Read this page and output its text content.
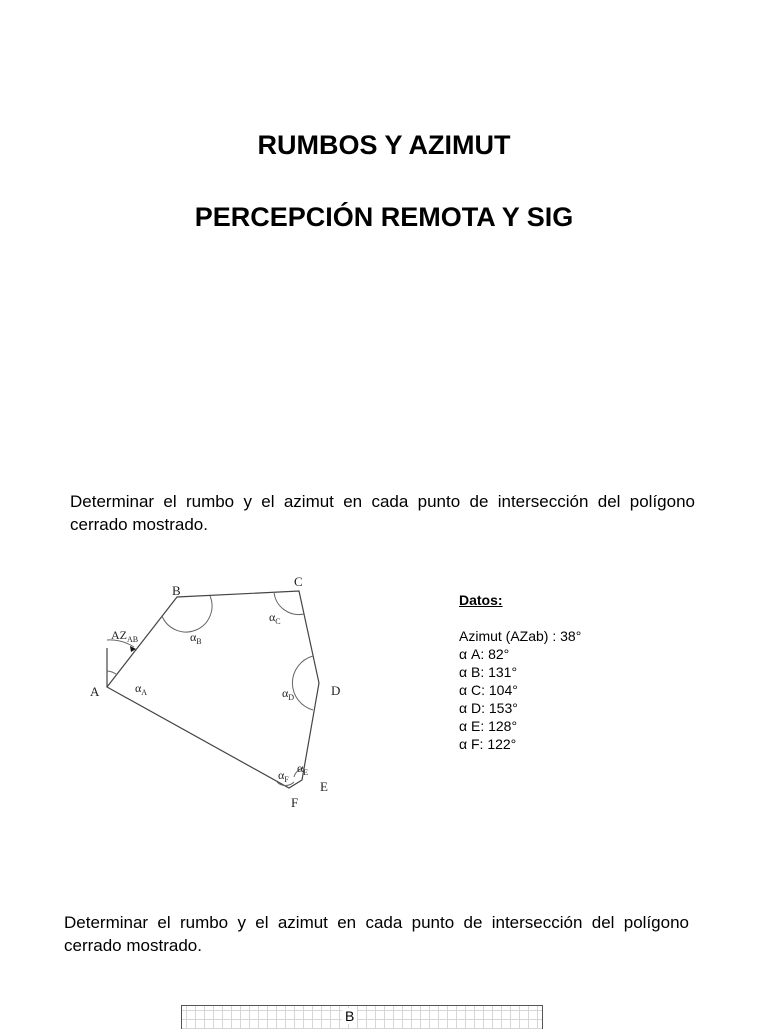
RUMBOS Y AZIMUT
PERCEPCIÓN REMOTA Y SIG

Determinar el rumbo y el azimut en cada punto de intersección del polígono cerrado mostrado.

A
B
C
D
E
F
$AZ_{AB}$
$\alpha_A$
$\alpha_B$
$\alpha_C$
$\alpha_D$
$\alpha_E$
$\alpha_F$
Datos:
Azimut (AZab) : 38°
α A: 82°
α B: 131°
α C: 104°
α D: 153°
α E: 128°
α F: 122°

Determinar el rumbo y el azimut en cada punto de intersección del polígono cerrado mostrado.

B
